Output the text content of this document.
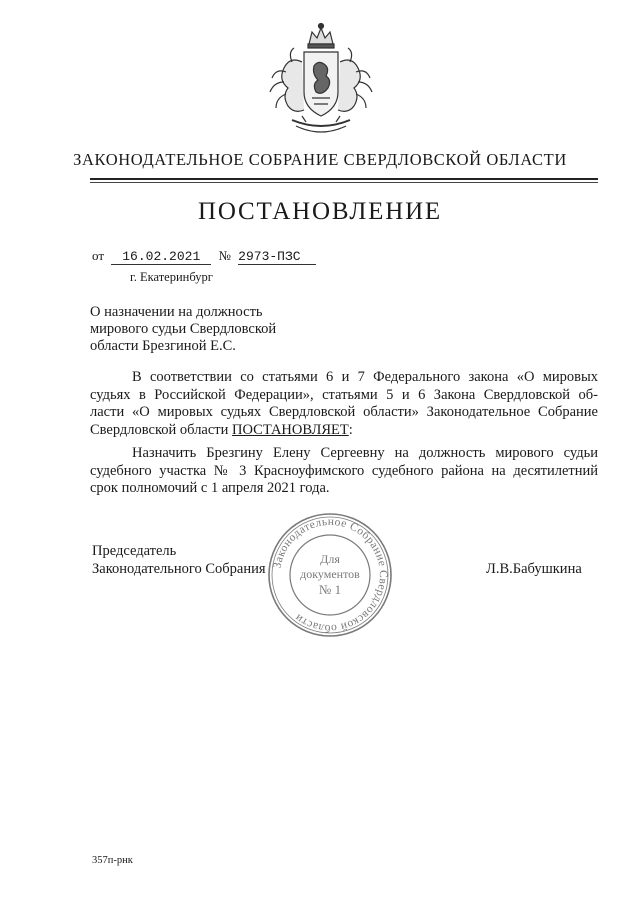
ЗАКОНОДАТЕЛЬНОЕ СОБРАНИЕ СВЕРДЛОВСКОЙ ОБЛАСТИ
ПОСТАНОВЛЕНИЕ
от 16.02.2021 № 2973-ПЗС
г. Екатеринбург
О назначении на должность
мирового судьи Свердловской
области Брезгиной Е.С.
В соответствии со статьями 6 и 7 Федерального закона «О мировых
судьях в Российской Федерации», статьями 5 и 6 Закона Свердловской об-
ласти «О мировых судьях Свердловской области» Законодательное Собрание
Свердловской области ПОСТАНОВЛЯЕТ:
Назначить Брезгину Елену Сергеевну на должность мирового судьи
судебного участка № 3 Красноуфимского судебного района на десятилетний
срок полномочий с 1 апреля 2021 года.
Председатель
Законодательного Собрания	Л.В.Бабушкина
Законодательное Собрание Свердловской области
Для
документов
№ 1
357п-рнк
